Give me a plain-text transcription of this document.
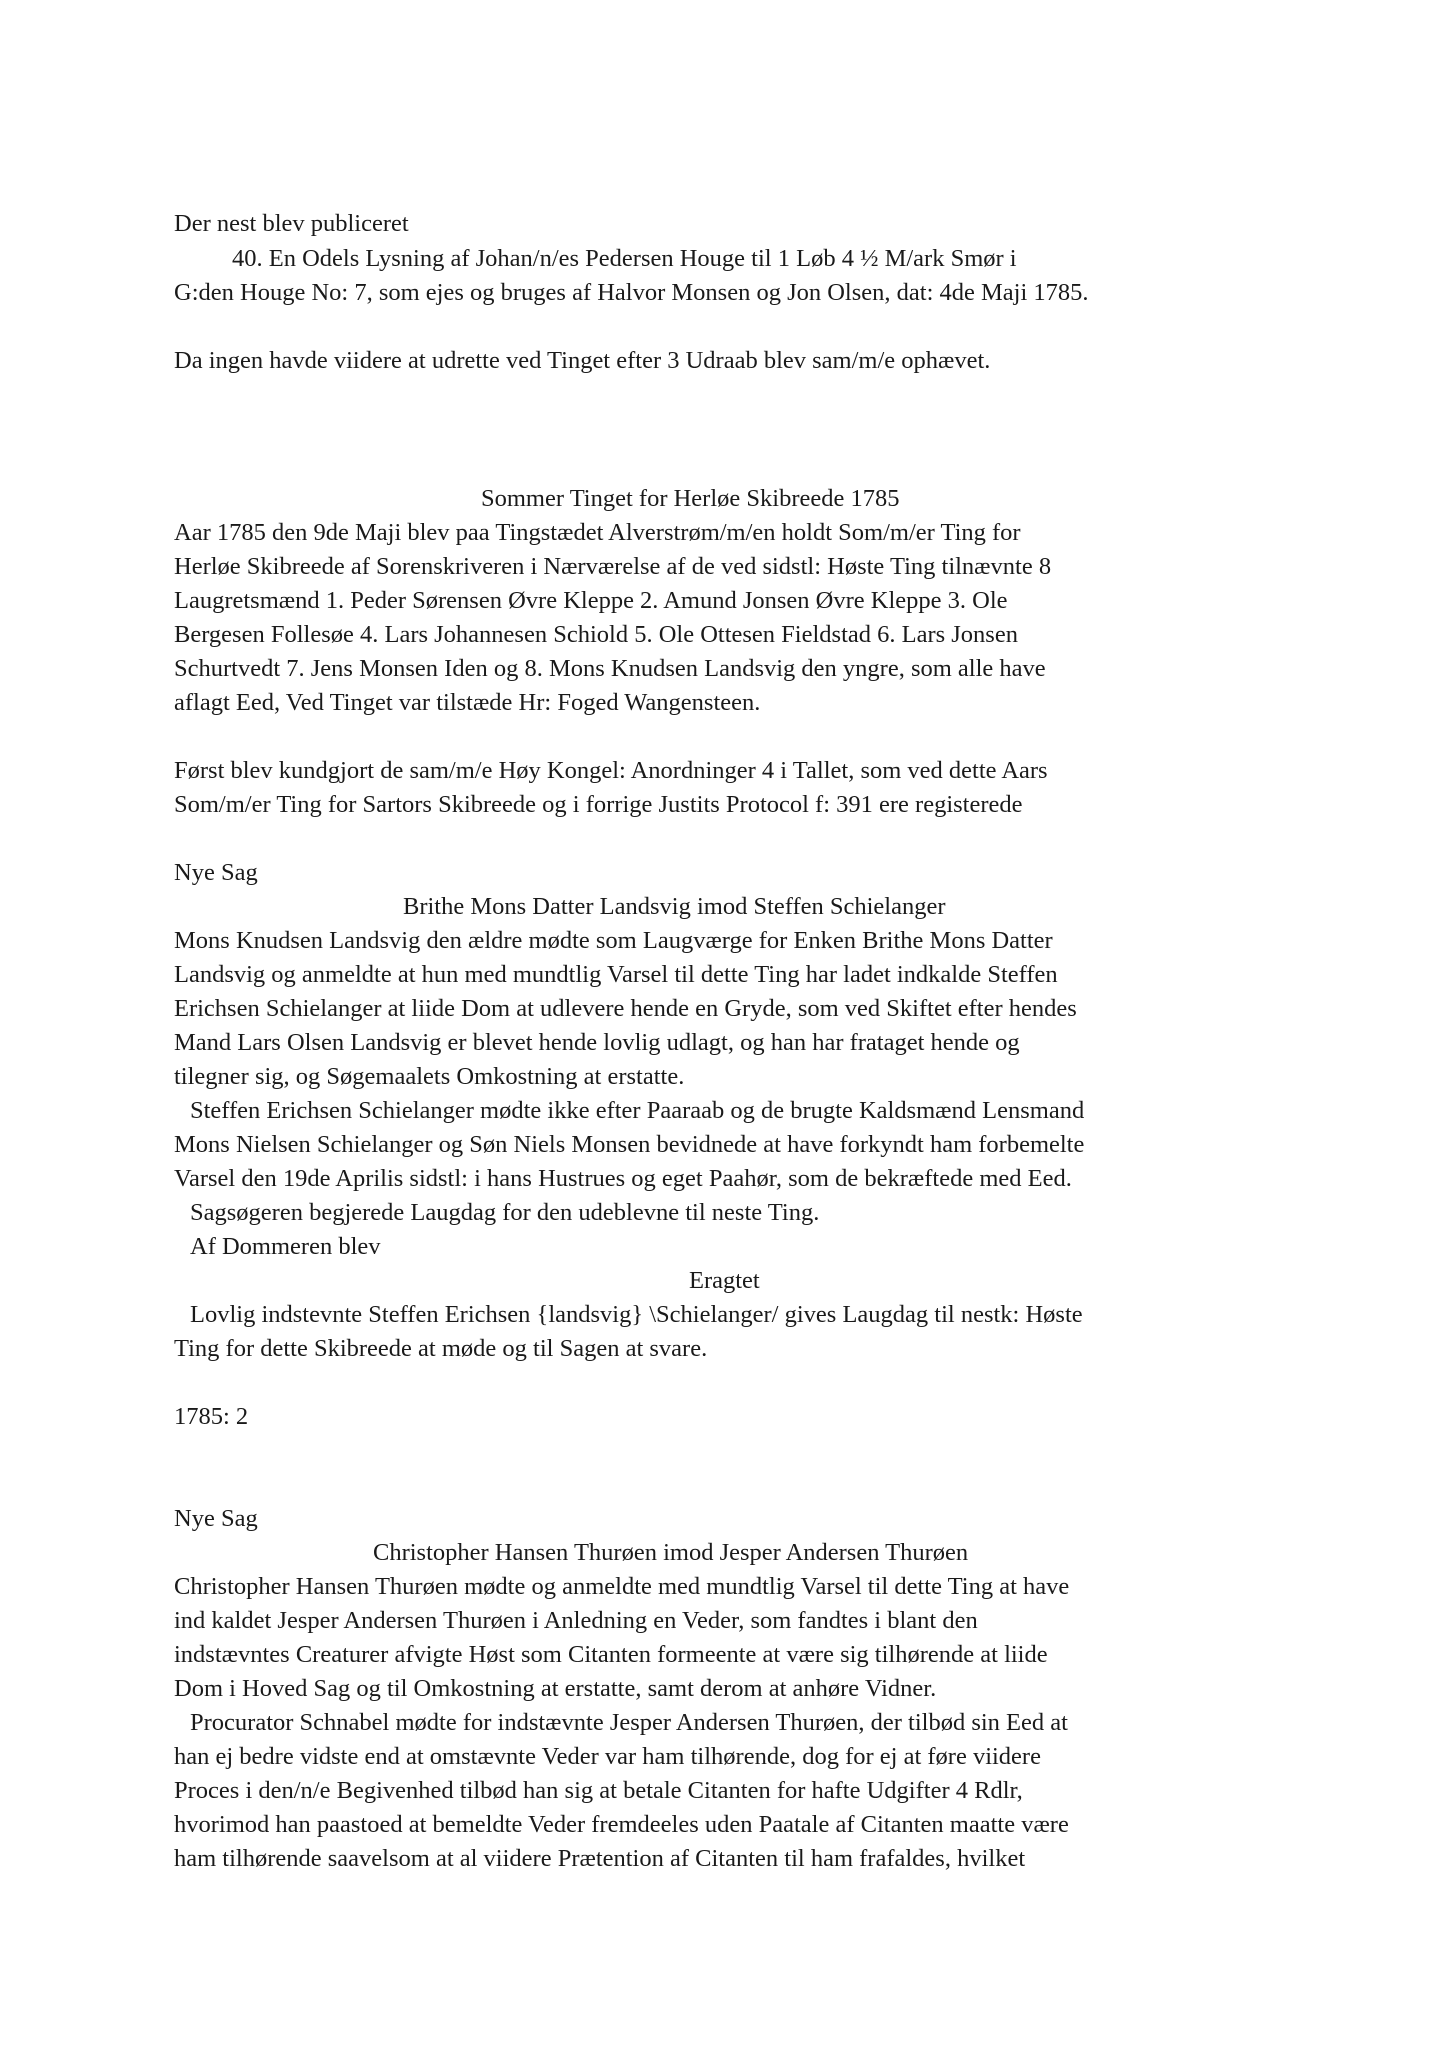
Der nest blev publiceret
40. En Odels Lysning af Johan/n/es Pedersen Houge til 1 Løb 4 ½ M/ark Smør i
G:den Houge No: 7, som ejes og bruges af Halvor Monsen og Jon Olsen, dat: 4de Maji 1785.
Da ingen havde viidere at udrette ved Tinget efter 3 Udraab blev sam/m/e ophævet.
Sommer Tinget for Herløe Skibreede 1785
Aar 1785 den 9de Maji blev paa Tingstædet Alverstrøm/m/en holdt Som/m/er Ting for
Herløe Skibreede af Sorenskriveren i Nærværelse af de ved sidstl: Høste Ting tilnævnte 8
Laugretsmænd 1. Peder Sørensen Øvre Kleppe 2. Amund Jonsen Øvre Kleppe 3. Ole
Bergesen Follesøe 4. Lars Johannesen Schiold 5. Ole Ottesen Fieldstad 6. Lars Jonsen
Schurtvedt 7. Jens Monsen Iden og 8. Mons Knudsen Landsvig den yngre, som alle have
aflagt Eed, Ved Tinget var tilstæde Hr: Foged Wangensteen.
Først blev kundgjort de sam/m/e Høy Kongel: Anordninger 4 i Tallet, som ved dette Aars
Som/m/er Ting for Sartors Skibreede og i forrige Justits Protocol f: 391 ere registerede
Nye Sag
Brithe Mons Datter Landsvig imod Steffen Schielanger
Mons Knudsen Landsvig den ældre mødte som Laugværge for Enken Brithe Mons Datter
Landsvig og anmeldte at hun med mundtlig Varsel til dette Ting har ladet indkalde Steffen
Erichsen Schielanger at liide Dom at udlevere hende en Gryde, som ved Skiftet efter hendes
Mand Lars Olsen Landsvig er blevet hende lovlig udlagt, og han har frataget hende og
tilegner sig, og Søgemaalets Omkostning at erstatte.
Steffen Erichsen Schielanger mødte ikke efter Paaraab og de brugte Kaldsmænd Lensmand
Mons Nielsen Schielanger og Søn Niels Monsen bevidnede at have forkyndt ham forbemelte
Varsel den 19de Aprilis sidstl: i hans Hustrues og eget Paahør, som de bekræftede med Eed.
Sagsøgeren begjerede Laugdag for den udeblevne til neste Ting.
Af Dommeren blev
Eragtet
Lovlig indstevnte Steffen Erichsen {landsvig} \Schielanger/ gives Laugdag til nestk: Høste
Ting for dette Skibreede at møde og til Sagen at svare.
1785: 2
Nye Sag
Christopher Hansen Thurøen imod Jesper Andersen Thurøen
Christopher Hansen Thurøen mødte og anmeldte med mundtlig Varsel til dette Ting at have
ind kaldet Jesper Andersen Thurøen i Anledning en Veder, som fandtes i blant den
indstævntes Creaturer afvigte Høst som Citanten formeente at være sig tilhørende at liide
Dom i Hoved Sag og til Omkostning at erstatte, samt derom at anhøre Vidner.
Procurator Schnabel mødte for indstævnte Jesper Andersen Thurøen, der tilbød sin Eed at
han ej bedre vidste end at omstævnte Veder var ham tilhørende, dog for ej at føre viidere
Proces i den/n/e Begivenhed tilbød han sig at betale Citanten for hafte Udgifter 4 Rdlr,
hvorimod han paastoed at bemeldte Veder fremdeeles uden Paatale af Citanten maatte være
ham tilhørende saavelsom at al viidere Prætention af Citanten til ham frafaldes, hvilket
